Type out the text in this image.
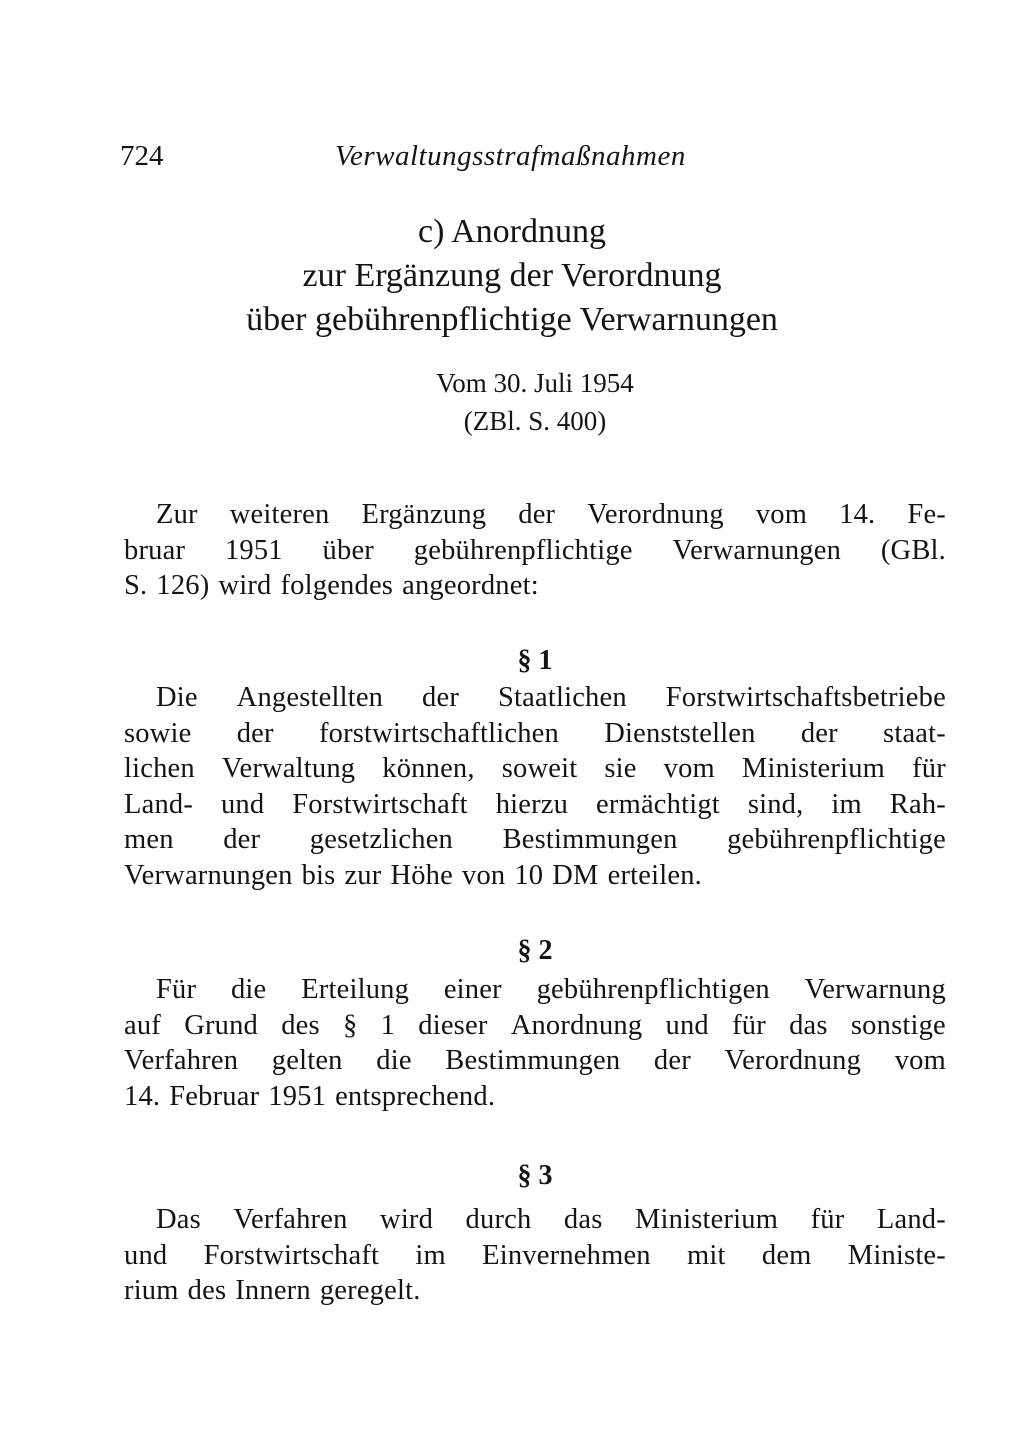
724	Verwaltungsstrafmaßnahmen
c) Anordnung
zur Ergänzung der Verordnung
über gebührenpflichtige Verwarnungen
Vom 30. Juli 1954
(ZBl. S. 400)
Zur weiteren Ergänzung der Verordnung vom 14. Fe-
bruar 1951 über gebührenpflichtige Verwarnungen (GBl.
S. 126) wird folgendes angeordnet:
§ 1
Die Angestellten der Staatlichen Forstwirtschaftsbetriebe
sowie der forstwirtschaftlichen Dienststellen der staat-
lichen Verwaltung können, soweit sie vom Ministerium für
Land- und Forstwirtschaft hierzu ermächtigt sind, im Rah-
men der gesetzlichen Bestimmungen gebührenpflichtige
Verwarnungen bis zur Höhe von 10 DM erteilen.
§ 2
Für die Erteilung einer gebührenpflichtigen Verwarnung
auf Grund des § 1 dieser Anordnung und für das sonstige
Verfahren gelten die Bestimmungen der Verordnung vom
14. Februar 1951 entsprechend.
§ 3
Das Verfahren wird durch das Ministerium für Land-
und Forstwirtschaft im Einvernehmen mit dem Ministe-
rium des Innern geregelt.
